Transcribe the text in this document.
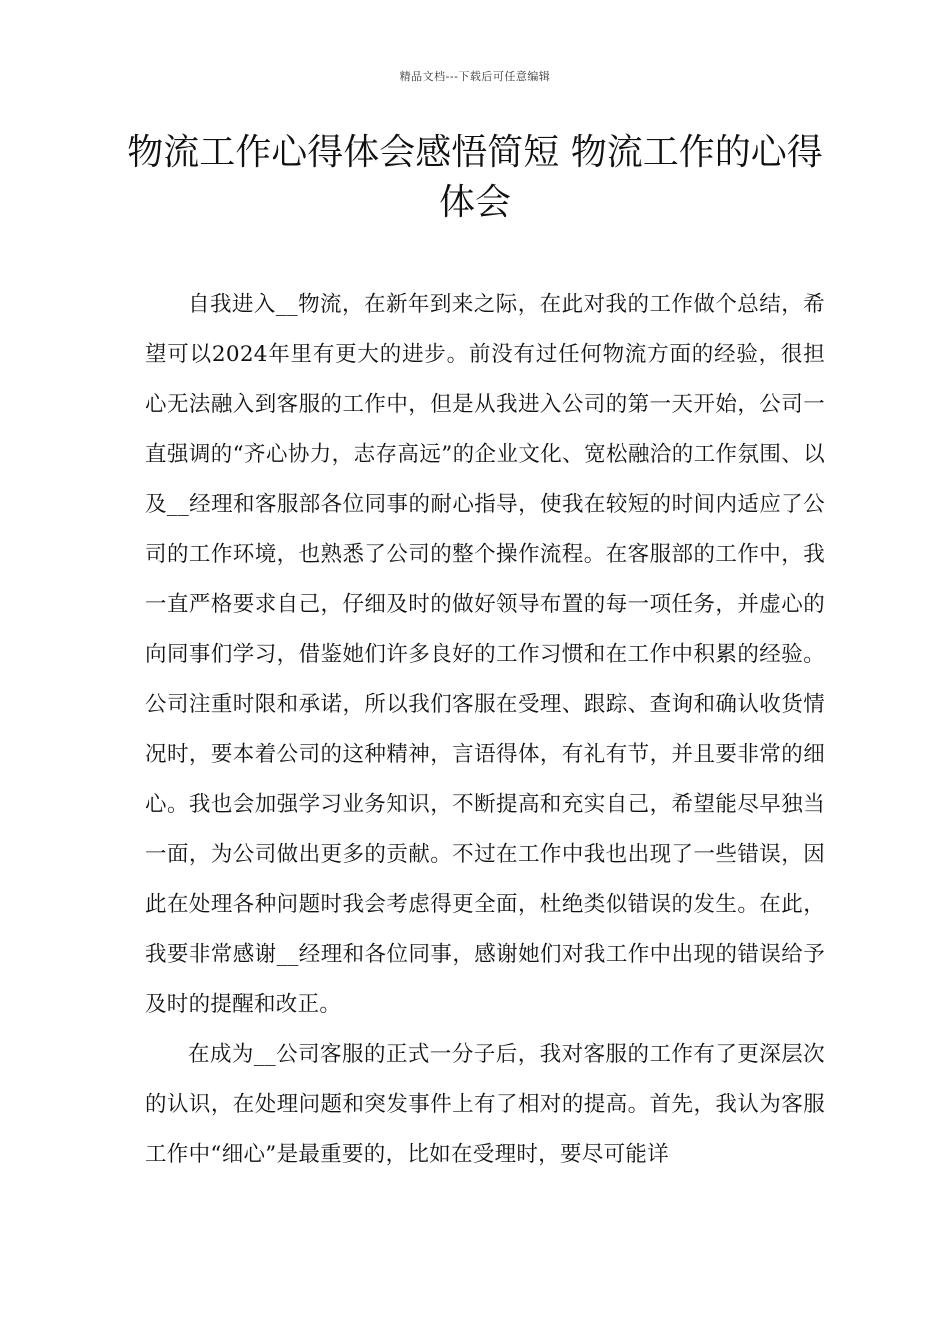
精品文档---下载后可任意编辑
物流工作心得体会感悟简短 物流工作的心得体会

自我进入__物流，在新年到来之际，在此对我的工作做个总结，希望可以2024年里有更大的进步。前没有过任何物流方面的经验，很担心无法融入到客服的工作中，但是从我进入公司的第一天开始，公司一直强调的“齐心协力，志存高远”的企业文化、宽松融洽的工作氛围、以及__经理和客服部各位同事的耐心指导，使我在较短的时间内适应了公司的工作环境，也熟悉了公司的整个操作流程。在客服部的工作中，我一直严格要求自己，仔细及时的做好领导布置的每一项任务，并虚心的向同事们学习，借鉴她们许多良好的工作习惯和在工作中积累的经验。公司注重时限和承诺，所以我们客服在受理、跟踪、查询和确认收货情况时，要本着公司的这种精神，言语得体，有礼有节，并且要非常的细心。我也会加强学习业务知识，不断提高和充实自己，希望能尽早独当一面，为公司做出更多的贡献。不过在工作中我也出现了一些错误，因此在处理各种问题时我会考虑得更全面，杜绝类似错误的发生。在此，我要非常感谢__经理和各位同事，感谢她们对我工作中出现的错误给予及时的提醒和改正。

在成为__公司客服的正式一分子后，我对客服的工作有了更深层次的认识，在处理问题和突发事件上有了相对的提高。首先，我认为客服工作中“细心”是最重要的，比如在受理时，要尽可能详
